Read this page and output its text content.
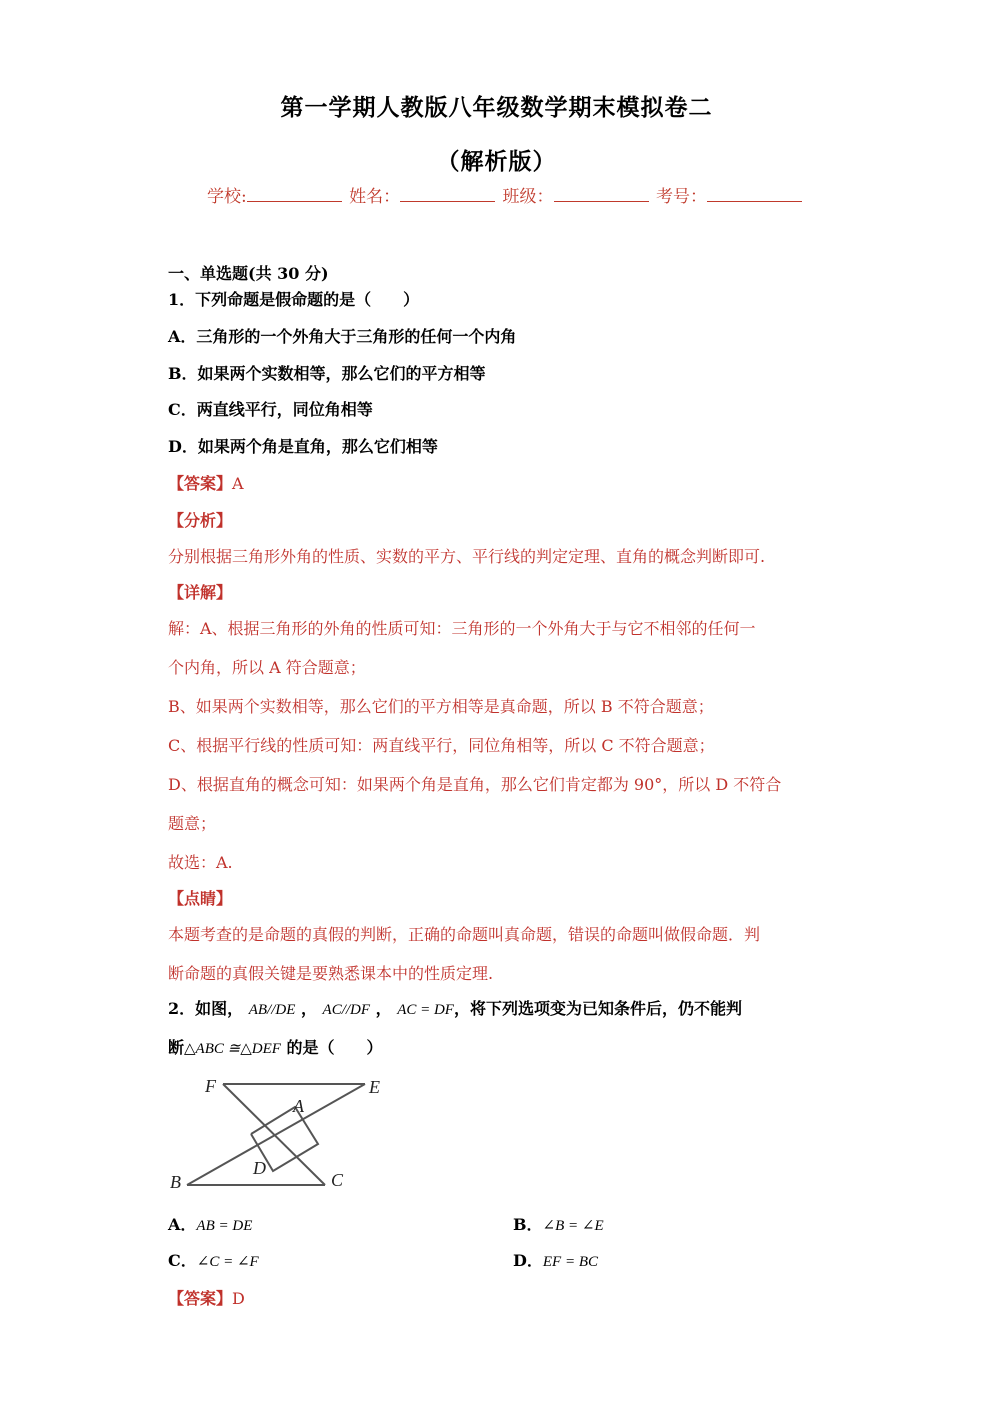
第一学期人教版八年级数学期末模拟卷二
（解析版）
学校:	姓名：	班级：	考号：
一、单选题(共 30 分)
1．下列命题是假命题的是（　　）
A．三角形的一个外角大于三角形的任何一个内角
B．如果两个实数相等，那么它们的平方相等
C．两直线平行，同位角相等
D．如果两个角是直角，那么它们相等
【答案】A
【分析】
分别根据三角形外角的性质、实数的平方、平行线的判定定理、直角的概念判断即可.
【详解】
解：A、根据三角形的外角的性质可知：三角形的一个外角大于与它不相邻的任何一
个内角，所以 A 符合题意；
B、如果两个实数相等，那么它们的平方相等是真命题，所以 B 不符合题意；
C、根据平行线的性质可知：两直线平行，同位角相等，所以 C 不符合题意；
D、根据直角的概念可知：如果两个角是直角，那么它们肯定都为 90°，所以 D 不符合
题意；
故选：A.
【点睛】
本题考查的是命题的真假的判断，正确的命题叫真命题，错误的命题叫做假命题．判
断命题的真假关键是要熟悉课本中的性质定理.
2．如图， AB//DE ， AC//DF ， AC = DF，将下列选项变为已知条件后，仍不能判
断△ABC ≅△DEF 的是（　　）
F	E
A
D
B	C
A．AB = DE	B．∠B = ∠E
C．∠C = ∠F	D．EF = BC
【答案】D
